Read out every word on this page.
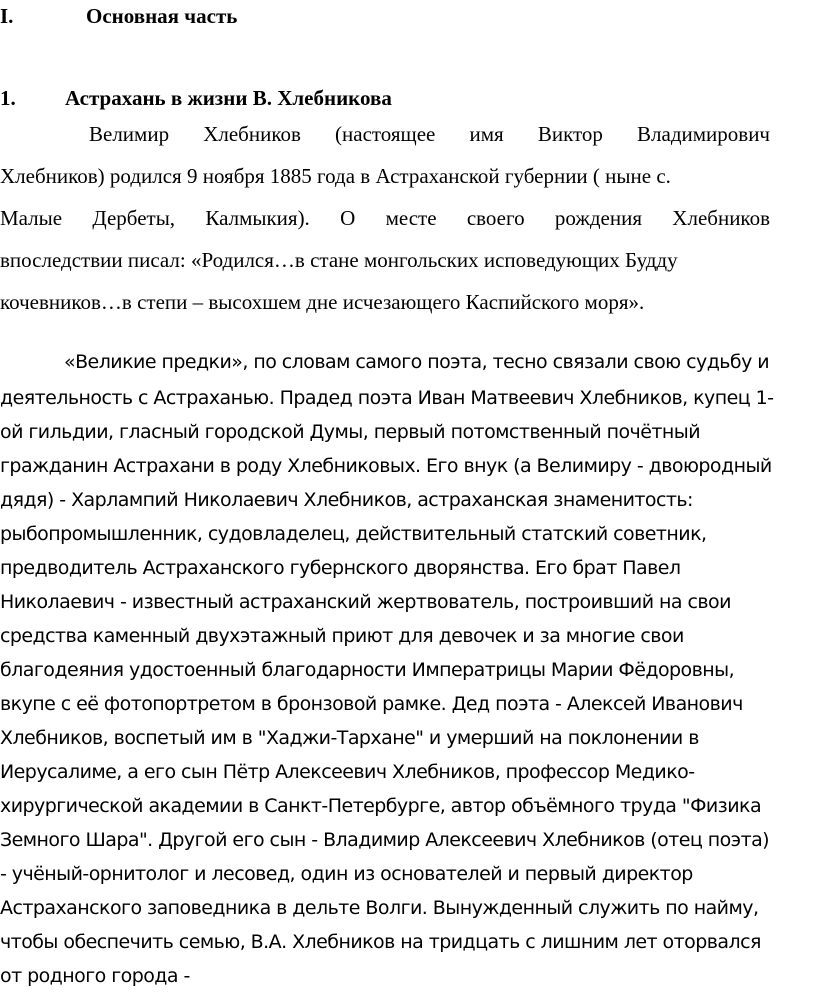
I.	Основная часть
1. Астрахань в жизни В. Хлебникова
Велимир Хлебников (настоящее имя Виктор Владимирович
Хлебников) родился 9 ноября 1885 года в Астраханской губернии ( ныне с.
Малые Дербеты, Калмыкия). О месте своего рождения Хлебников
впоследствии писал: «Родился…в стане монгольских исповедующих Будду
кочевников…в степи – высохшем дне исчезающего Каспийского моря».
«Великие предки», по словам самого поэта, тесно связали свою судьбу и
деятельность с Астраханью. Прадед поэта Иван Матвеевич Хлебников, купец 1-
ой гильдии, гласный городской Думы, первый потомственный почётный
гражданин Астрахани в роду Хлебниковых. Его внук (а Велимиру - двоюродный
дядя) - Харлампий Николаевич Хлебников, астраханская знаменитость:
рыбопромышленник, судовладелец, действительный статский советник,
предводитель Астраханского губернского дворянства. Его брат Павел
Николаевич - известный астраханский жертвователь, построивший на свои
средства каменный двухэтажный приют для девочек и за многие свои
благодеяния удостоенный благодарности Императрицы Марии Фёдоровны,
вкупе с её фотопортретом в бронзовой рамке. Дед поэта - Алексей Иванович
Хлебников, воспетый им в "Хаджи-Тархане" и умерший на поклонении в
Иерусалиме, а его сын Пётр Алексеевич Хлебников, профессор Медико-
хирургической академии в Санкт-Петербурге, автор объёмного труда "Физика
Земного Шара". Другой его сын - Владимир Алексеевич Хлебников (отец поэта)
- учёный-орнитолог и лесовед, один из основателей и первый директор
Астраханского заповедника в дельте Волги. Вынужденный служить по найму,
чтобы обеспечить семью, В.А. Хлебников на тридцать с лишним лет оторвался
от родного города -
